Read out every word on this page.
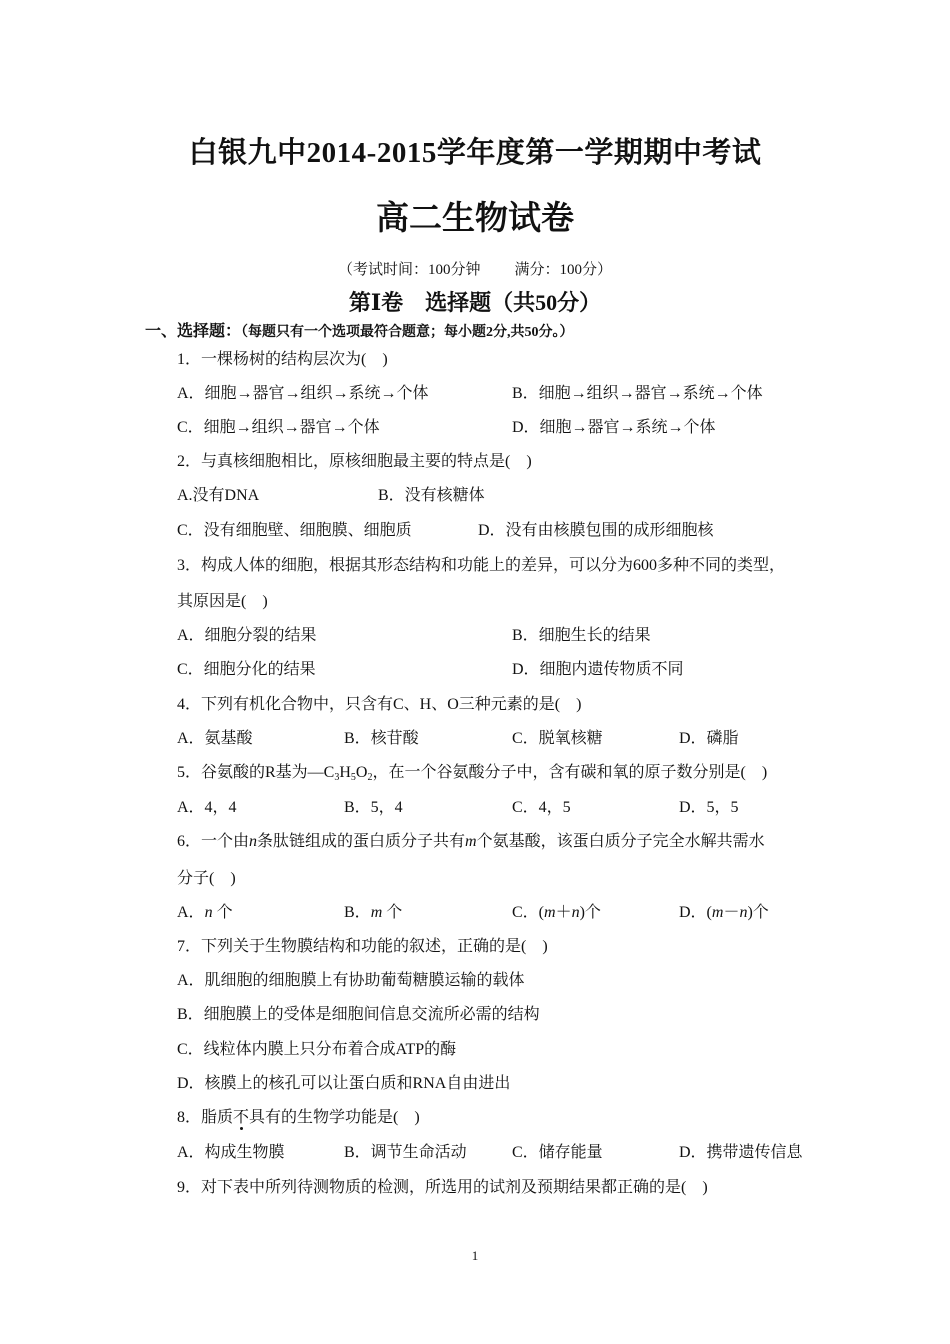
白银九中2014-2015学年度第一学期期中考试
高二生物试卷
（考试时间：100分钟 满分：100分）
第Ⅰ卷　选择题（共50分）
一、选择题：（每题只有一个选项最符合题意；每小题2分,共50分。）
1．一棵杨树的结构层次为(　)
A．细胞→器官→组织→系统→个体	B．细胞→组织→器官→系统→个体
C．细胞→组织→器官→个体	D．细胞→器官→系统→个体
2．与真核细胞相比，原核细胞最主要的特点是(　)
A.没有DNA	B．没有核糖体
C．没有细胞壁、细胞膜、细胞质	D．没有由核膜包围的成形细胞核
3．构成人体的细胞，根据其形态结构和功能上的差异，可以分为600多种不同的类型，
其原因是(　)
A．细胞分裂的结果	B．细胞生长的结果
C．细胞分化的结果	D．细胞内遗传物质不同
4．下列有机化合物中，只含有C、H、O三种元素的是(　)
A．氨基酸	B．核苷酸	C．脱氧核糖	D．磷脂
5．谷氨酸的R基为$—C_3H_5O_2$，在一个谷氨酸分子中，含有碳和氧的原子数分别是(　)
A．4，4	B．5，4	C．4，5	D．5，5
6．一个由n条肽链组成的蛋白质分子共有m个氨基酸，该蛋白质分子完全水解共需水
分子(　)
A．n 个	B．m 个	C．(m＋n)个	D．(m－n)个
7．下列关于生物膜结构和功能的叙述，正确的是(　)
A．肌细胞的细胞膜上有协助葡萄糖膜运输的载体
B．细胞膜上的受体是细胞间信息交流所必需的结构
C．线粒体内膜上只分布着合成ATP的酶
D．核膜上的核孔可以让蛋白质和RNA自由进出
8．脂质不具有的生物学功能是(　)
A．构成生物膜	B．调节生命活动	C．储存能量	D．携带遗传信息
9．对下表中所列待测物质的检测，所选用的试剂及预期结果都正确的是(　)
1
